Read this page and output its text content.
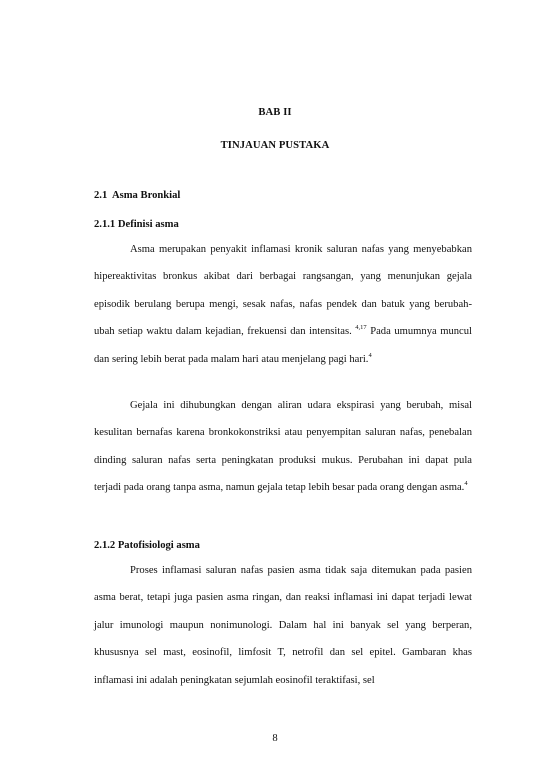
BAB II
TINJAUAN PUSTAKA
2.1  Asma Bronkial
2.1.1 Definisi asma

Asma merupakan penyakit inflamasi kronik saluran nafas yang menyebabkan hipereaktivitas bronkus akibat dari berbagai rangsangan, yang menunjukan gejala episodik berulang berupa mengi, sesak nafas, nafas pendek dan batuk yang berubah-ubah setiap waktu dalam kejadian, frekuensi dan intensitas. $^{4,17}$ Pada umumnya muncul dan sering lebih berat pada malam hari atau menjelang pagi hari.$^4$

Gejala ini dihubungkan dengan aliran udara ekspirasi yang berubah, misal kesulitan bernafas karena bronkokonstriksi atau penyempitan saluran nafas, penebalan dinding saluran nafas serta peningkatan produksi mukus. Perubahan ini dapat pula terjadi pada orang tanpa asma, namun gejala tetap lebih besar pada orang dengan asma.$^4$

2.1.2 Patofisiologi asma

Proses inflamasi saluran nafas pasien asma tidak saja ditemukan pada pasien asma berat, tetapi juga pasien asma ringan, dan reaksi inflamasi ini dapat terjadi lewat jalur imunologi maupun nonimunologi. Dalam hal ini banyak sel yang berperan, khususnya sel mast, eosinofil, limfosit T, netrofil dan sel epitel. Gambaran khas inflamasi ini adalah peningkatan sejumlah eosinofil teraktifasi, sel

8
